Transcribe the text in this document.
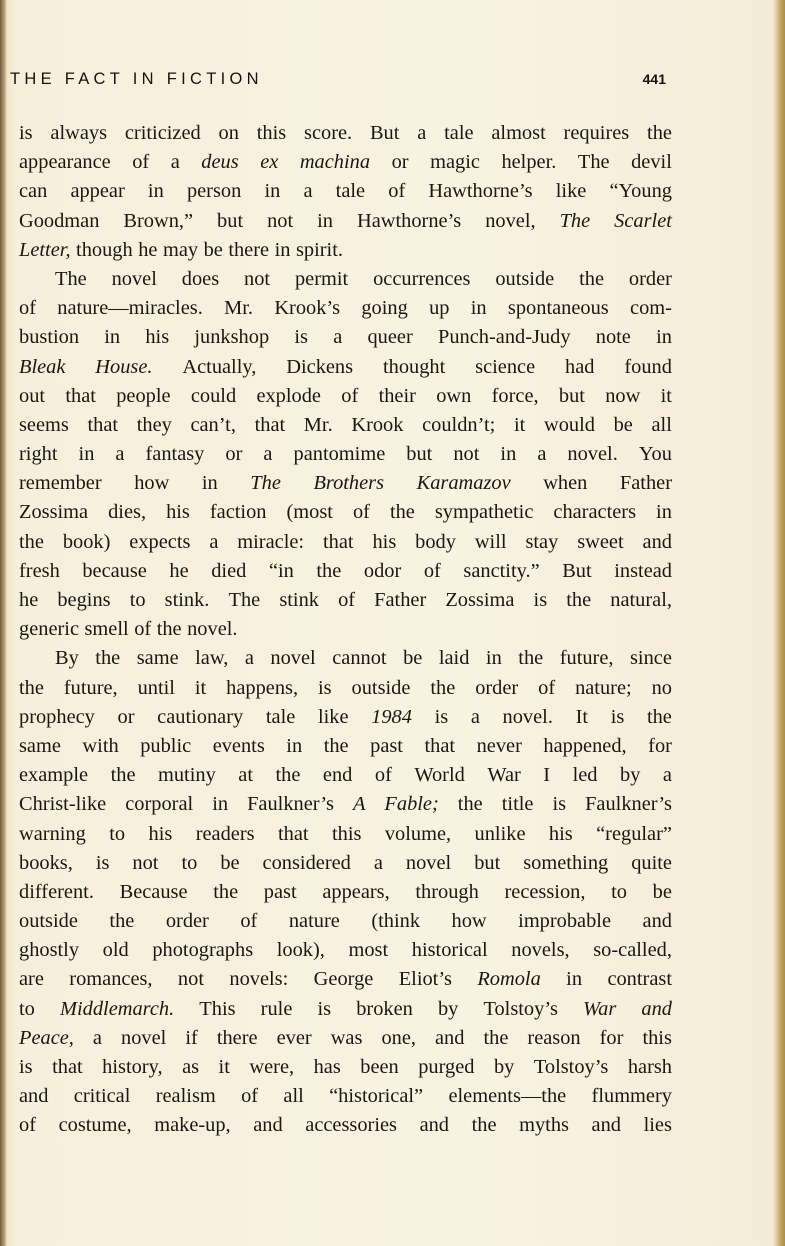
THE FACT IN FICTION	441
is always criticized on this score. But a tale almost requires the
appearance of a deus ex machina or magic helper. The devil
can appear in person in a tale of Hawthorne’s like “Young
Goodman Brown,” but not in Hawthorne’s novel, The Scarlet
Letter, though he may be there in spirit.
The novel does not permit occurrences outside the order
of nature—miracles. Mr. Krook’s going up in spontaneous com-
bustion in his junkshop is a queer Punch-and-Judy note in
Bleak House. Actually, Dickens thought science had found
out that people could explode of their own force, but now it
seems that they can’t, that Mr. Krook couldn’t; it would be all
right in a fantasy or a pantomime but not in a novel. You
remember how in The Brothers Karamazov when Father
Zossima dies, his faction (most of the sympathetic characters in
the book) expects a miracle: that his body will stay sweet and
fresh because he died “in the odor of sanctity.” But instead
he begins to stink. The stink of Father Zossima is the natural,
generic smell of the novel.
By the same law, a novel cannot be laid in the future, since
the future, until it happens, is outside the order of nature; no
prophecy or cautionary tale like 1984 is a novel. It is the
same with public events in the past that never happened, for
example the mutiny at the end of World War I led by a
Christ-like corporal in Faulkner’s A Fable; the title is Faulkner’s
warning to his readers that this volume, unlike his “regular”
books, is not to be considered a novel but something quite
different. Because the past appears, through recession, to be
outside the order of nature (think how improbable and
ghostly old photographs look), most historical novels, so-called,
are romances, not novels: George Eliot’s Romola in contrast
to Middlemarch. This rule is broken by Tolstoy’s War and
Peace, a novel if there ever was one, and the reason for this
is that history, as it were, has been purged by Tolstoy’s harsh
and critical realism of all “historical” elements—the flummery
of costume, make-up, and accessories and the myths and lies
